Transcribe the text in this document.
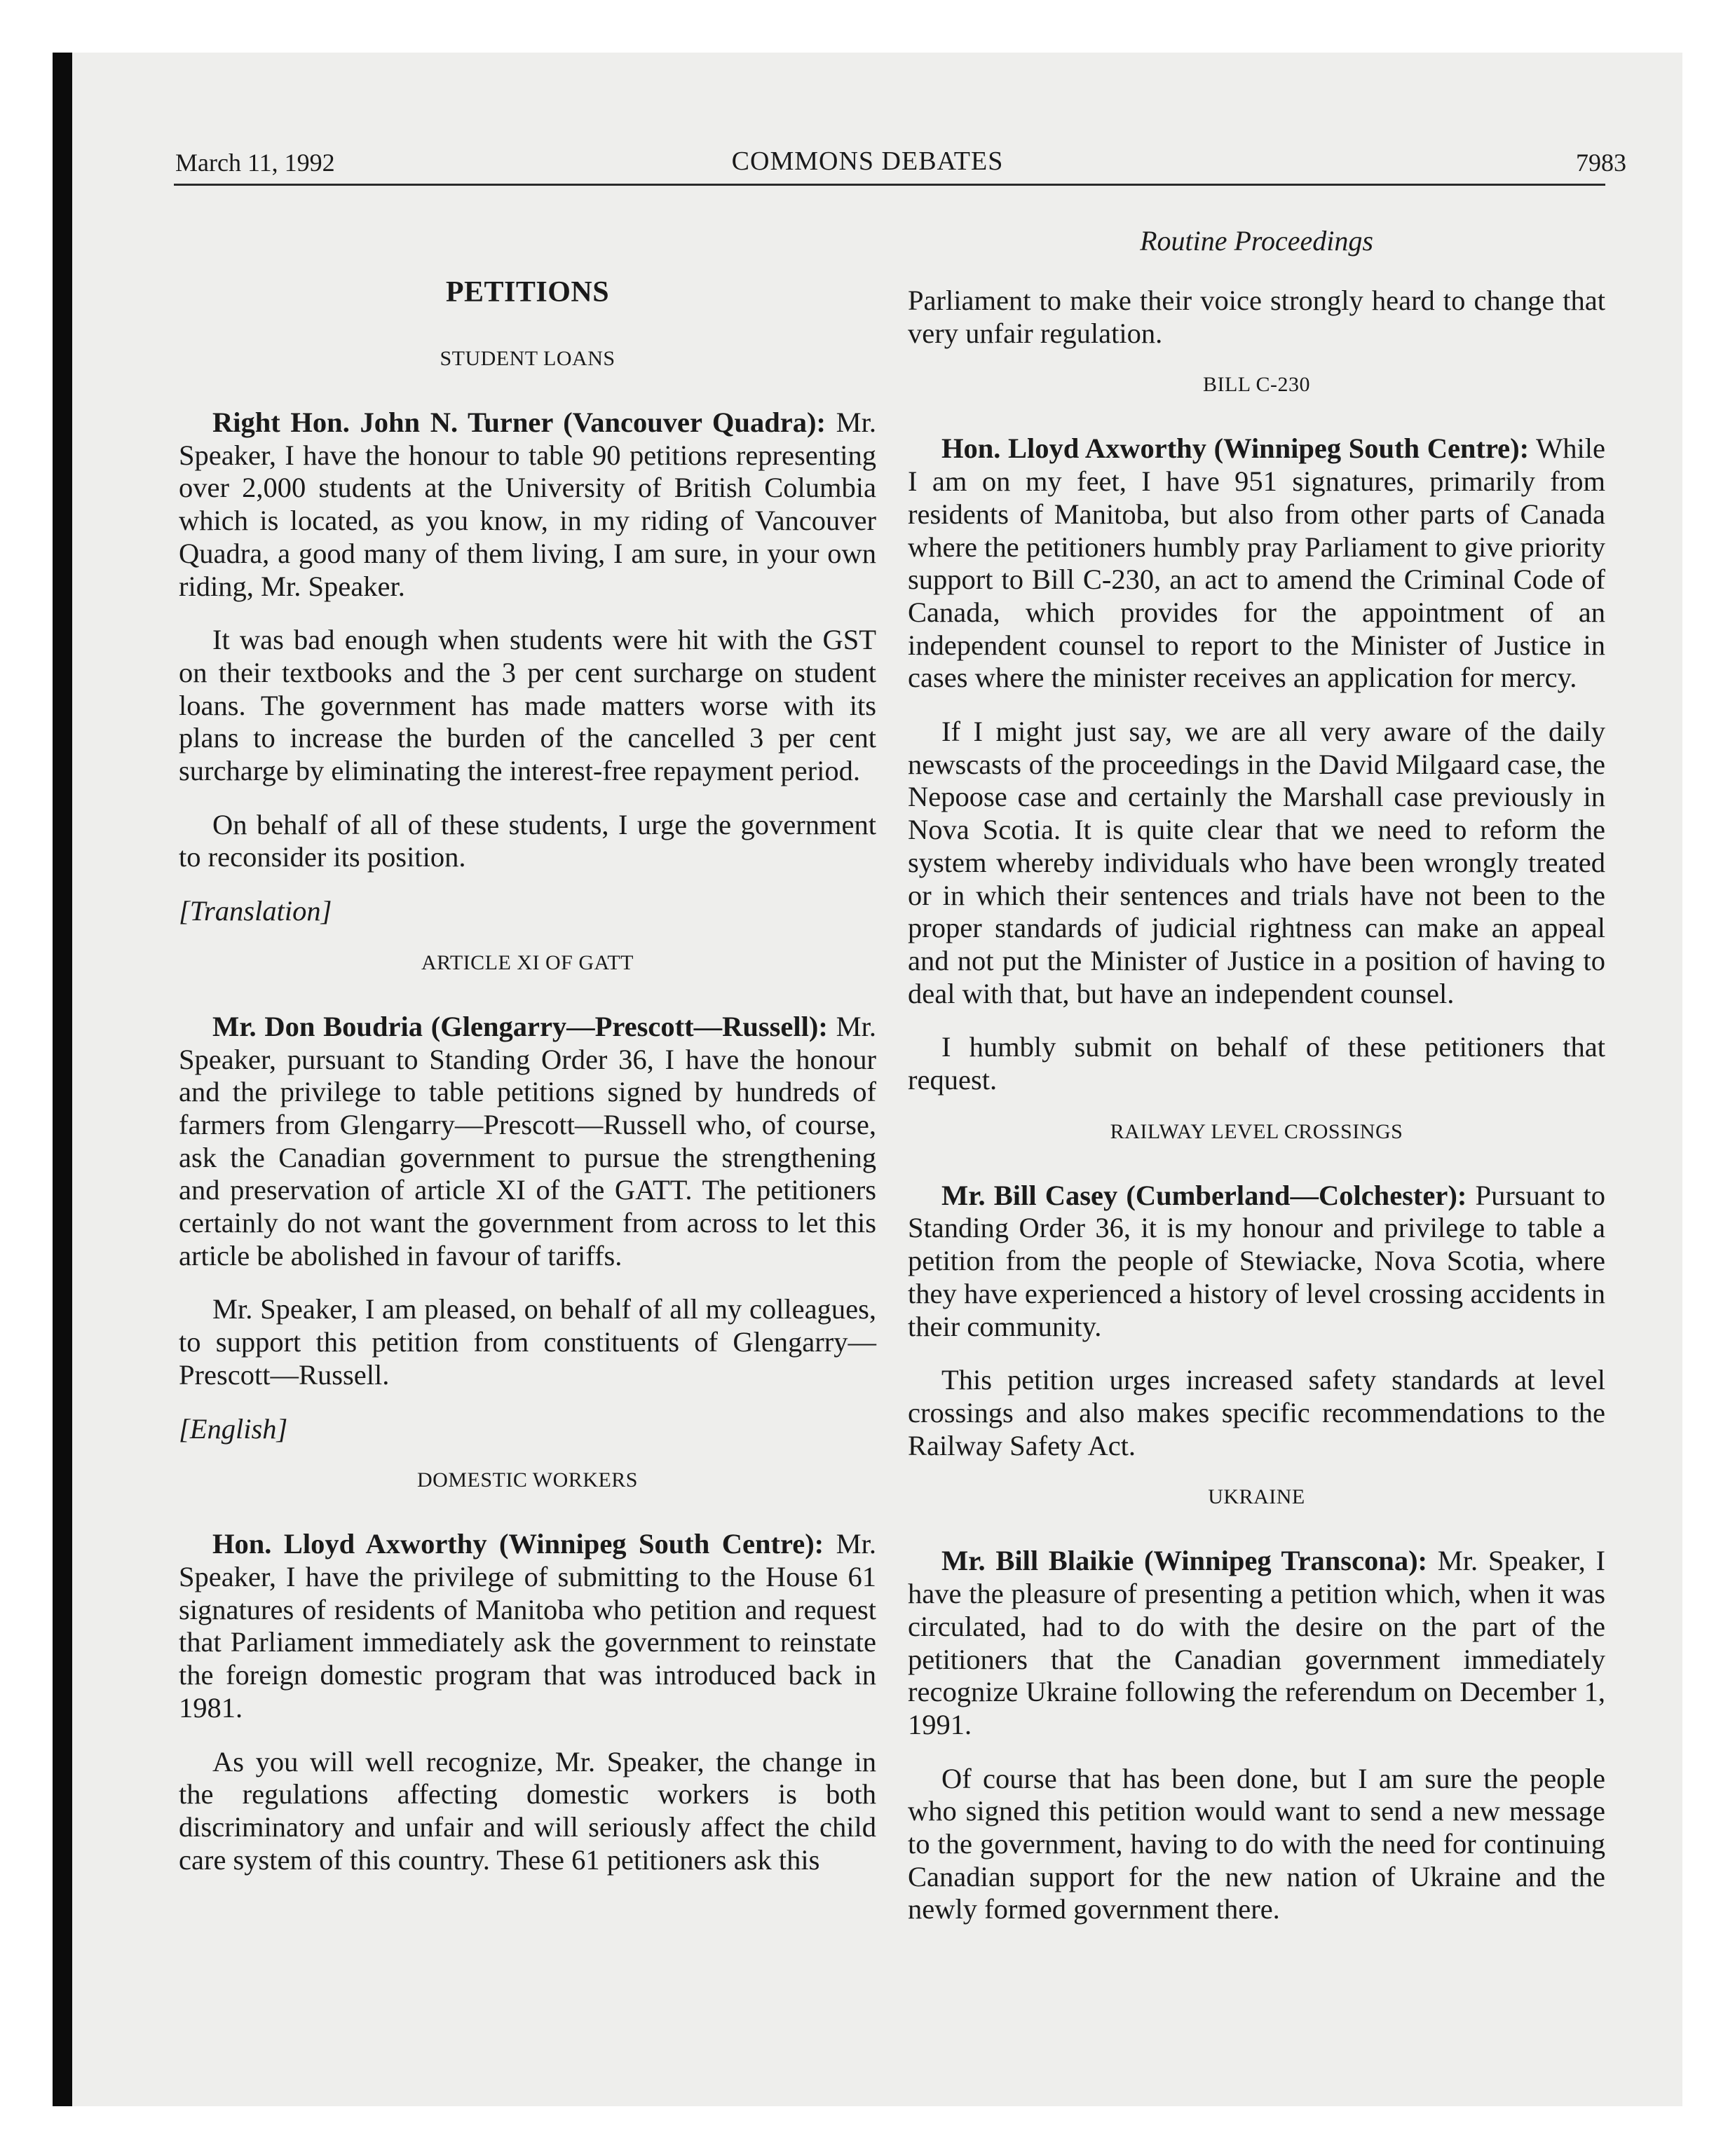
March 11, 1992	COMMONS DEBATES	7983
PETITIONS
STUDENT LOANS

Right Hon. John N. Turner (Vancouver Quadra): Mr. Speaker, I have the honour to table 90 petitions representing over 2,000 students at the University of British Columbia which is located, as you know, in my riding of Vancouver Quadra, a good many of them living, I am sure, in your own riding, Mr. Speaker.

It was bad enough when students were hit with the GST on their textbooks and the 3 per cent surcharge on student loans. The government has made matters worse with its plans to increase the burden of the cancelled 3 per cent surcharge by eliminating the interest-free repayment period.

On behalf of all of these students, I urge the government to reconsider its position.

[Translation]
ARTICLE XI OF GATT

Mr. Don Boudria (Glengarry—Prescott—Russell): Mr. Speaker, pursuant to Standing Order 36, I have the honour and the privilege to table petitions signed by hundreds of farmers from Glengarry—Prescott—Russell who, of course, ask the Canadian government to pursue the strengthening and preservation of article XI of the GATT. The petitioners certainly do not want the government from across to let this article be abolished in favour of tariffs.

Mr. Speaker, I am pleased, on behalf of all my colleagues, to support this petition from constituents of Glengarry—Prescott—Russell.

[English]
DOMESTIC WORKERS

Hon. Lloyd Axworthy (Winnipeg South Centre): Mr. Speaker, I have the privilege of submitting to the House 61 signatures of residents of Manitoba who petition and request that Parliament immediately ask the government to reinstate the foreign domestic program that was introduced back in 1981.

As you will well recognize, Mr. Speaker, the change in the regulations affecting domestic workers is both discriminatory and unfair and will seriously affect the child care system of this country. These 61 petitioners ask this

Routine Proceedings

Parliament to make their voice strongly heard to change that very unfair regulation.

BILL C-230

Hon. Lloyd Axworthy (Winnipeg South Centre): While I am on my feet, I have 951 signatures, primarily from residents of Manitoba, but also from other parts of Canada where the petitioners humbly pray Parliament to give priority support to Bill C-230, an act to amend the Criminal Code of Canada, which provides for the appointment of an independent counsel to report to the Minister of Justice in cases where the minister receives an application for mercy.

If I might just say, we are all very aware of the daily newscasts of the proceedings in the David Milgaard case, the Nepoose case and certainly the Marshall case previously in Nova Scotia. It is quite clear that we need to reform the system whereby individuals who have been wrongly treated or in which their sentences and trials have not been to the proper standards of judicial rightness can make an appeal and not put the Minister of Justice in a position of having to deal with that, but have an independent counsel.

I humbly submit on behalf of these petitioners that request.

RAILWAY LEVEL CROSSINGS

Mr. Bill Casey (Cumberland—Colchester): Pursuant to Standing Order 36, it is my honour and privilege to table a petition from the people of Stewiacke, Nova Scotia, where they have experienced a history of level crossing accidents in their community.

This petition urges increased safety standards at level crossings and also makes specific recommendations to the Railway Safety Act.

UKRAINE

Mr. Bill Blaikie (Winnipeg Transcona): Mr. Speaker, I have the pleasure of presenting a petition which, when it was circulated, had to do with the desire on the part of the petitioners that the Canadian government immediately recognize Ukraine following the referendum on December 1, 1991.

Of course that has been done, but I am sure the people who signed this petition would want to send a new message to the government, having to do with the need for continuing Canadian support for the new nation of Ukraine and the newly formed government there.
